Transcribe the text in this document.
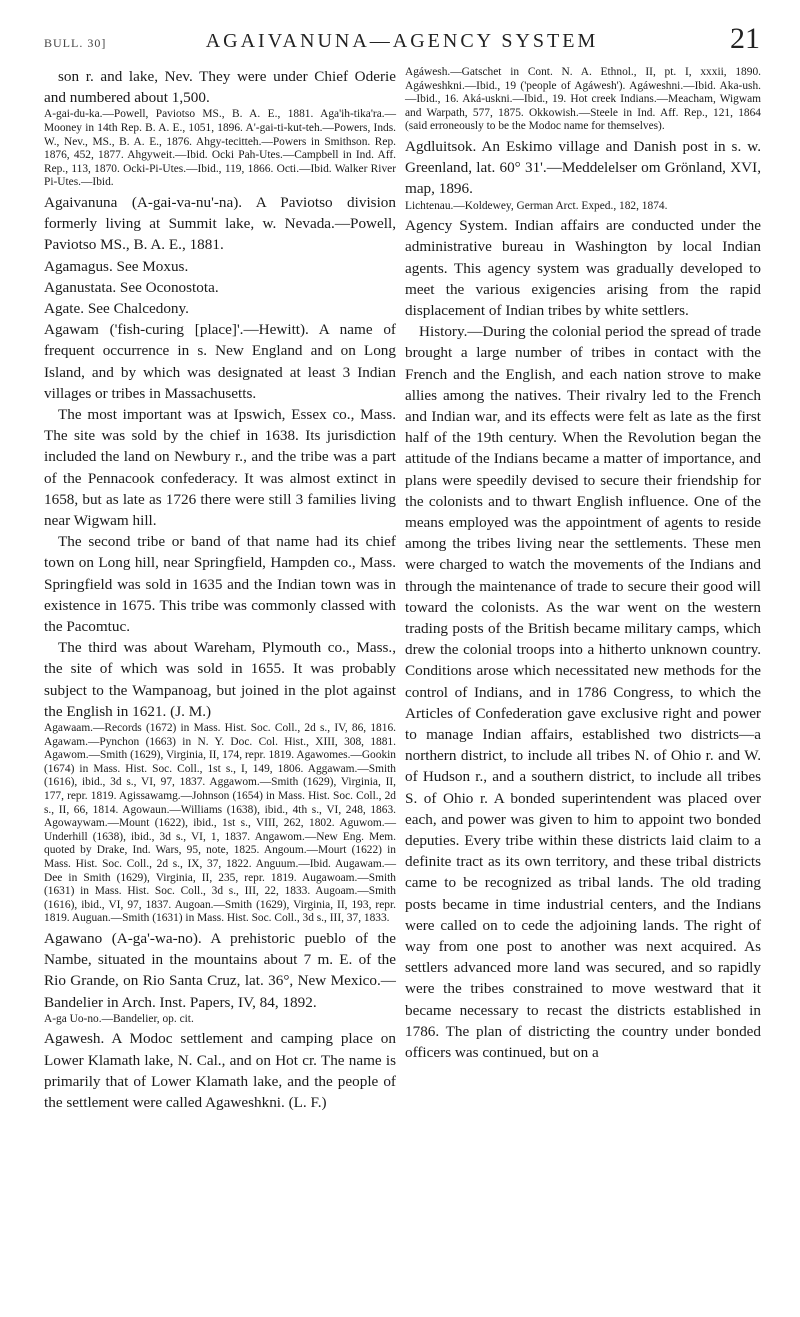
BULL. 30]	AGAIVANUNA—AGENCY SYSTEM	21

son r. and lake, Nev. They were under Chief Oderie and numbered about 1,500.

A-gai-du-ka.—Powell, Paviotso MS., B. A. E., 1881. Aga'ih-tika'ra.—Mooney in 14th Rep. B. A. E., 1051, 1896. A'-gai-ti-kut-teh.—Powers, Inds. W., Nev., MS., B. A. E., 1876. Ahgy-tecitteh.—Powers in Smithson. Rep. 1876, 452, 1877. Ahgyweit.—Ibid. Ocki Pah-Utes.—Campbell in Ind. Aff. Rep., 113, 1870. Ocki-Pi-Utes.—Ibid., 119, 1866. Octi.—Ibid. Walker River Pi-Utes.—Ibid.

Agaivanuna (A-gai-va-nu'-na). A Paviotso division formerly living at Summit lake, w. Nevada.—Powell, Paviotso MS., B. A. E., 1881.

Agamagus. See Moxus.

Aganustata. See Oconostota.

Agate. See Chalcedony.

Agawam ('fish-curing [place]'.—Hewitt). A name of frequent occurrence in s. New England and on Long Island, and by which was designated at least 3 Indian villages or tribes in Massachusetts.

The most important was at Ipswich, Essex co., Mass. The site was sold by the chief in 1638. Its jurisdiction included the land on Newbury r., and the tribe was a part of the Pennacook confederacy. It was almost extinct in 1658, but as late as 1726 there were still 3 families living near Wigwam hill.

The second tribe or band of that name had its chief town on Long hill, near Springfield, Hampden co., Mass. Springfield was sold in 1635 and the Indian town was in existence in 1675. This tribe was commonly classed with the Pacomtuc.

The third was about Wareham, Plymouth co., Mass., the site of which was sold in 1655. It was probably subject to the Wampanoag, but joined in the plot against the English in 1621. (J. M.)

Agawaam.—Records (1672) in Mass. Hist. Soc. Coll., 2d s., IV, 86, 1816. Agawam.—Pynchon (1663) in N. Y. Doc. Col. Hist., XIII, 308, 1881. Agawom.—Smith (1629), Virginia, II, 174, repr. 1819. Agawomes.—Gookin (1674) in Mass. Hist. Soc. Coll., 1st s., I, 149, 1806. Aggawam.—Smith (1616), ibid., 3d s., VI, 97, 1837. Aggawom.—Smith (1629), Virginia, II, 177, repr. 1819. Agissawamg.—Johnson (1654) in Mass. Hist. Soc. Coll., 2d s., II, 66, 1814. Agowaun.—Williams (1638), ibid., 4th s., VI, 248, 1863. Agowaywam.—Mount (1622), ibid., 1st s., VIII, 262, 1802. Aguwom.—Underhill (1638), ibid., 3d s., VI, 1, 1837. Angawom.—New Eng. Mem. quoted by Drake, Ind. Wars, 95, note, 1825. Angoum.—Mourt (1622) in Mass. Hist. Soc. Coll., 2d s., IX, 37, 1822. Anguum.—Ibid. Augawam.—Dee in Smith (1629), Virginia, II, 235, repr. 1819. Augawoam.—Smith (1631) in Mass. Hist. Soc. Coll., 3d s., III, 22, 1833. Augoam.—Smith (1616), ibid., VI, 97, 1837. Augoan.—Smith (1629), Virginia, II, 193, repr. 1819. Auguan.—Smith (1631) in Mass. Hist. Soc. Coll., 3d s., III, 37, 1833.

Agawano (A-ga'-wa-no). A prehistoric pueblo of the Nambe, situated in the mountains about 7 m. E. of the Rio Grande, on Rio Santa Cruz, lat. 36°, New Mexico.—Bandelier in Arch. Inst. Papers, IV, 84, 1892.

A-ga Uo-no.—Bandelier, op. cit.

Agawesh. A Modoc settlement and camping place on Lower Klamath lake, N. Cal., and on Hot cr. The name is primarily that of Lower Klamath lake, and the people of the settlement were called Agaweshkni. (L. F.)

Agáwesh.—Gatschet in Cont. N. A. Ethnol., II, pt. I, xxxii, 1890. Agáweshkni.—Ibid., 19 ('people of Agáwesh'). Agáweshni.—Ibid. Aka-ush.—Ibid., 16. Aká-uskni.—Ibid., 19. Hot creek Indians.—Meacham, Wigwam and Warpath, 577, 1875. Okkowish.—Steele in Ind. Aff. Rep., 121, 1864 (said erroneously to be the Modoc name for themselves).

Agdluitsok. An Eskimo village and Danish post in s. w. Greenland, lat. 60° 31'.—Meddelelser om Grönland, XVI, map, 1896.

Lichtenau.—Koldewey, German Arct. Exped., 182, 1874.

Agency System. Indian affairs are conducted under the administrative bureau in Washington by local Indian agents. This agency system was gradually developed to meet the various exigencies arising from the rapid displacement of Indian tribes by white settlers.

History.—During the colonial period the spread of trade brought a large number of tribes in contact with the French and the English, and each nation strove to make allies among the natives. Their rivalry led to the French and Indian war, and its effects were felt as late as the first half of the 19th century. When the Revolution began the attitude of the Indians became a matter of importance, and plans were speedily devised to secure their friendship for the colonists and to thwart English influence. One of the means employed was the appointment of agents to reside among the tribes living near the settlements. These men were charged to watch the movements of the Indians and through the maintenance of trade to secure their good will toward the colonists. As the war went on the western trading posts of the British became military camps, which drew the colonial troops into a hitherto unknown country. Conditions arose which necessitated new methods for the control of Indians, and in 1786 Congress, to which the Articles of Confederation gave exclusive right and power to manage Indian affairs, established two districts—a northern district, to include all tribes N. of Ohio r. and W. of Hudson r., and a southern district, to include all tribes S. of Ohio r. A bonded superintendent was placed over each, and power was given to him to appoint two bonded deputies. Every tribe within these districts laid claim to a definite tract as its own territory, and these tribal districts came to be recognized as tribal lands. The old trading posts became in time industrial centers, and the Indians were called on to cede the adjoining lands. The right of way from one post to another was next acquired. As settlers advanced more land was secured, and so rapidly were the tribes constrained to move westward that it became necessary to recast the districts established in 1786. The plan of districting the country under bonded officers was continued, but on a
